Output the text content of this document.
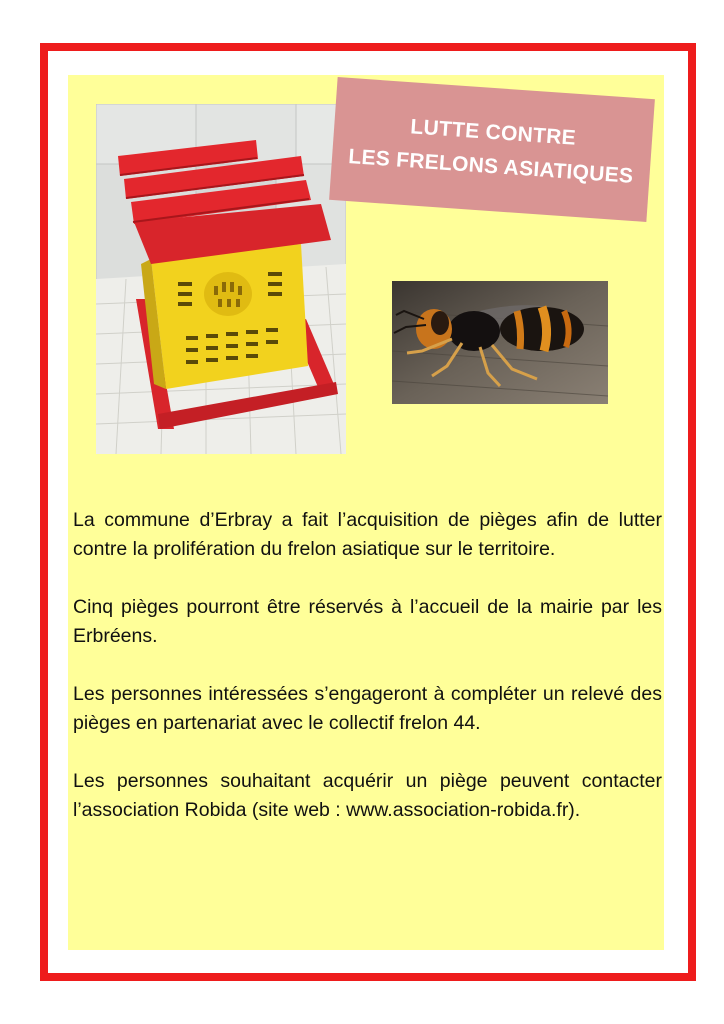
LUTTE CONTRE
LES FRELONS ASIATIQUES

La commune d’Erbray a fait l’acquisition de pièges afin de lutter contre la prolifération du frelon asiatique sur le territoire.

Cinq pièges pourront être réservés à l’accueil de la mairie par les Erbréens.

Les personnes intéressées s’engageront à compléter un relevé des pièges en partenariat avec le collectif frelon 44.

Les personnes souhaitant acquérir un piège peuvent contacter l’association Robida (site web : www.association-robida.fr).
